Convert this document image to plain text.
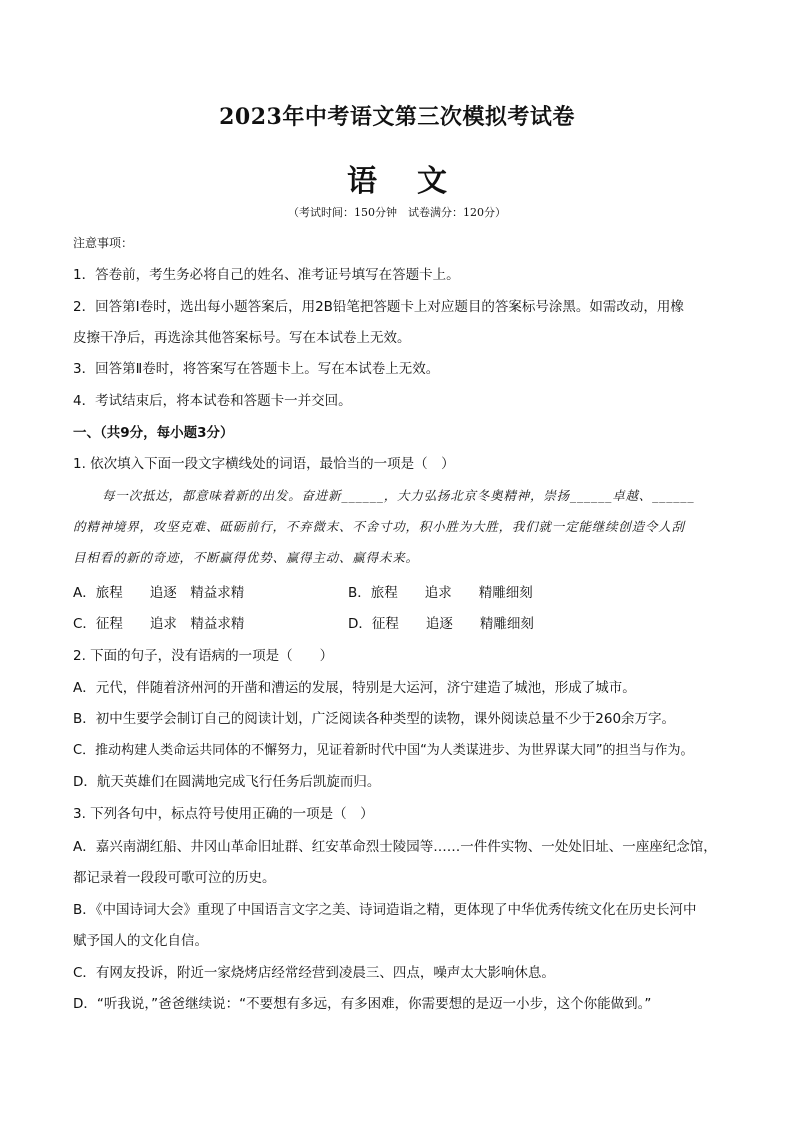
2023年中考语文第三次模拟考试卷
语文
（考试时间：150分钟　试卷满分：120分）
注意事项：
1．答卷前，考生务必将自己的姓名、准考证号填写在答题卡上。
2．回答第Ⅰ卷时，选出每小题答案后，用2B铅笔把答题卡上对应题目的答案标号涂黑。如需改动，用橡
皮擦干净后，再选涂其他答案标号。写在本试卷上无效。
3．回答第Ⅱ卷时，将答案写在答题卡上。写在本试卷上无效。
4．考试结束后，将本试卷和答题卡一并交回。
一、（共9分，每小题3分）
1. 依次填入下面一段文字横线处的词语，最恰当的一项是（　）
每一次抵达，都意味着新的出发。奋进新______，大力弘扬北京冬奥精神，崇扬______卓越、______
的精神境界，攻坚克难、砥砺前行，不弃微末、不舍寸功，积小胜为大胜，我们就一定能继续创造令人刮
目相看的新的奇迹，不断赢得优势、赢得主动、赢得未来。
A．旅程　　追逐　精益求精	B．旅程　　追求　　精雕细刻
C．征程　　追求　精益求精	D．征程　　追逐　　精雕细刻
2. 下面的句子，没有语病的一项是（　　）
A．元代，伴随着济州河的开凿和漕运的发展，特别是大运河，济宁建造了城池，形成了城市。
B．初中生要学会制订自己的阅读计划，广泛阅读各种类型的读物，课外阅读总量不少于260余万字。
C．推动构建人类命运共同体的不懈努力，见证着新时代中国“为人类谋进步、为世界谋大同”的担当与作为。
D．航天英雄们在圆满地完成飞行任务后凯旋而归。
3. 下列各句中，标点符号使用正确的一项是（　）
A．嘉兴南湖红船、井冈山革命旧址群、红安革命烈士陵园等……一件件实物、一处处旧址、一座座纪念馆，
都记录着一段段可歌可泣的历史。
B．《中国诗词大会》重现了中国语言文字之美、诗词造诣之精，更体现了中华优秀传统文化在历史长河中
赋予国人的文化自信。
C．有网友投诉，附近一家烧烤店经常经营到凌晨三、四点，噪声太大影响休息。
D．“听我说，”爸爸继续说：“不要想有多远，有多困难，你需要想的是迈一小步，这个你能做到。”
